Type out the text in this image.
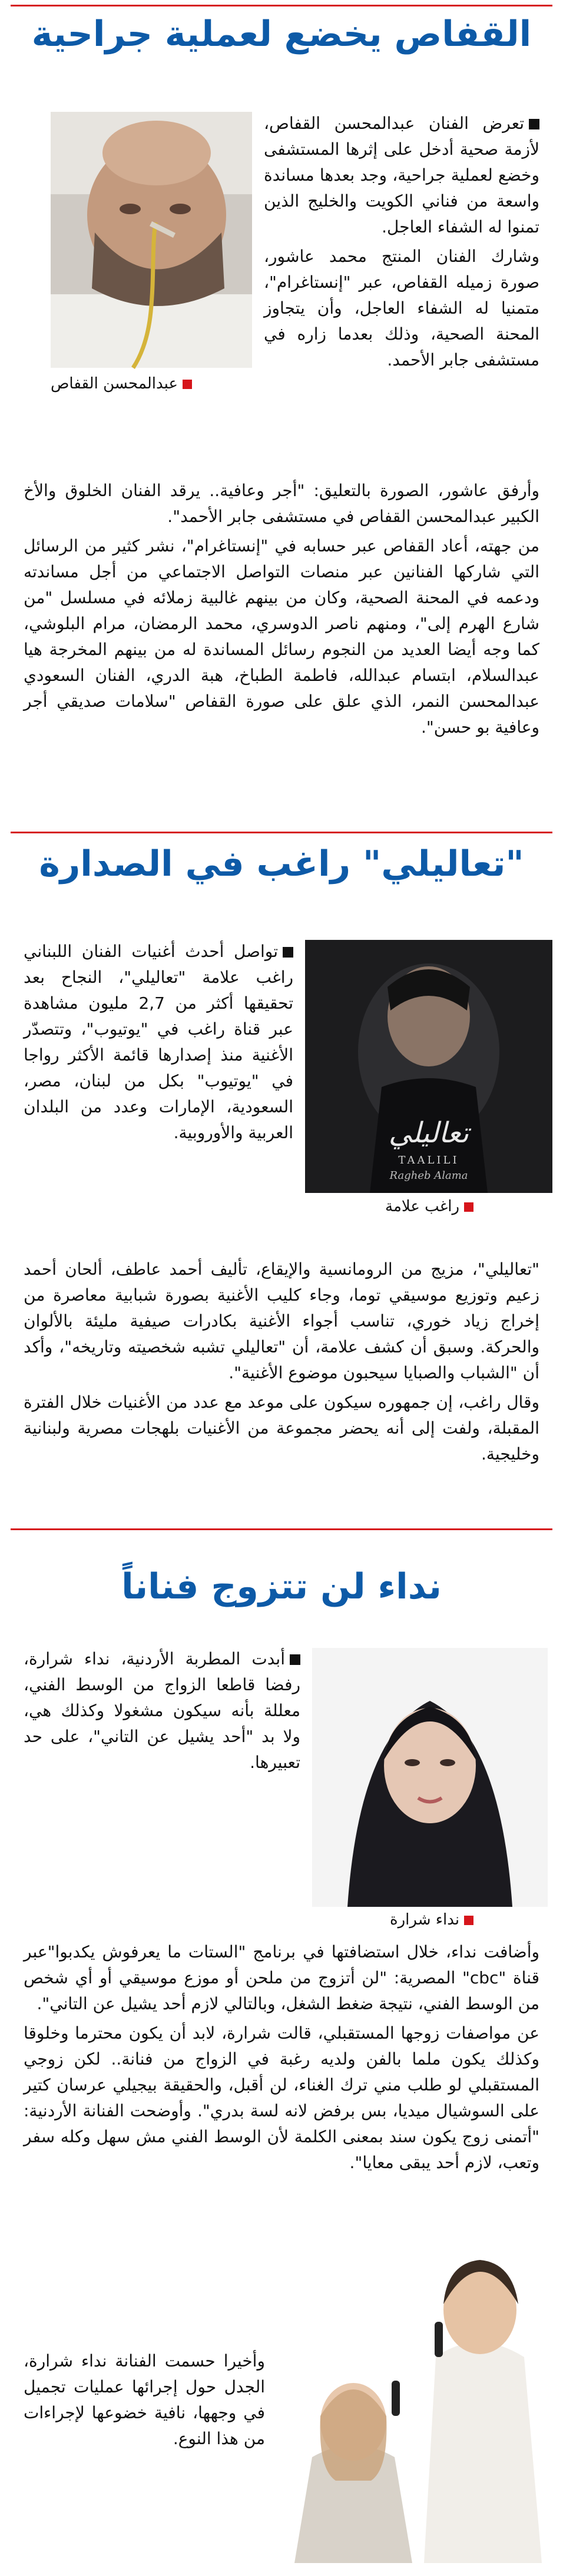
القفاص يخضع لعملية جراحية
عبدالمحسن القفاص

تعرض الفنان عبدالمحسن القفاص، لأزمة صحية أدخل على إثرها المستشفى وخضع لعملية جراحية، وجد بعدها مساندة واسعة من فناني الكويت والخليج الذين تمنوا له الشفاء العاجل.

وشارك الفنان المنتج محمد عاشور، صورة زميله القفاص، عبر "إنستاغرام"، متمنيا له الشفاء العاجل، وأن يتجاوز المحنة الصحية، وذلك بعدما زاره في مستشفى جابر الأحمد.

وأرفق عاشور، الصورة بالتعليق: "أجر وعافية.. يرقد الفنان الخلوق والأخ الكبير عبدالمحسن القفاص في مستشفى جابر الأحمد".

من جهته، أعاد القفاص عبر حسابه في "إنستاغرام"، نشر كثير من الرسائل التي شاركها الفنانين عبر منصات التواصل الاجتماعي من أجل مساندته ودعمه في المحنة الصحية، وكان من بينهم غالبية زملائه في مسلسل "من شارع الهرم إلى"، ومنهم ناصر الدوسري، محمد الرمضان، مرام البلوشي، كما وجه أيضا العديد من النجوم رسائل المساندة له من بينهم المخرجة هيا عبدالسلام، ابتسام عبدالله، فاطمة الطباخ، هبة الدري، الفنان السعودي عبدالمحسن النمر، الذي علق على صورة القفاص "سلامات صديقي أجر وعافية بو حسن".

"تعاليلي" راغب في الصدارة
تعاليلي
TAALILI
Ragheb Alama
راغب علامة

تواصل أحدث أغنيات الفنان اللبناني راغب علامة "تعاليلي"، النجاح بعد تحقيقها أكثر من 2,7 مليون مشاهدة عبر قناة راغب في "يوتيوب"، وتتصدّر الأغنية منذ إصدارها قائمة الأكثر رواجا في "يوتيوب" بكل من لبنان، مصر، السعودية، الإمارات وعدد من البلدان العربية والأوروبية.

"تعاليلي"، مزيج من الرومانسية والإيقاع، تأليف أحمد عاطف، ألحان أحمد زعيم وتوزيع موسيقي توما، وجاء كليب الأغنية بصورة شبابية معاصرة من إخراج زياد خوري، تناسب أجواء الأغنية بكادرات صيفية مليئة بالألوان والحركة. وسبق أن كشف علامة، أن "تعاليلي تشبه شخصيته وتاريخه"، وأكد أن "الشباب والصبايا سيحبون موضوع الأغنية".

وقال راغب، إن جمهوره سيكون على موعد مع عدد من الأغنيات خلال الفترة المقبلة، ولفت إلى أنه يحضر مجموعة من الأغنيات بلهجات مصرية ولبنانية وخليجية.

نداء لن تتزوج فناناً
نداء شرارة

أبدت المطربة الأردنية، نداء شرارة، رفضا قاطعا الزواج من الوسط الفني، معللة بأنه سيكون مشغولا وكذلك هي، ولا بد "أحد يشيل عن التاني"، على حد تعبيرها.

وأضافت نداء، خلال استضافتها في برنامج "الستات ما يعرفوش يكدبوا"عبر قناة "cbc" المصرية: "لن أتزوج من ملحن أو موزع موسيقي أو أي شخص من الوسط الفني، نتيجة ضغط الشغل، وبالتالي لازم أحد يشيل عن التاني".

عن مواصفات زوجها المستقبلي، قالت شرارة، لابد أن يكون محترما وخلوقا وكذلك يكون ملما بالفن ولديه رغبة في الزواج من فنانة.. لكن زوجي المستقبلي لو طلب مني ترك الغناء، لن أقبل، والحقيقة بيجيلي عرسان كتير على السوشيال ميديا، بس برفض لانه لسة بدري". وأوضحت الفنانة الأردنية: "أتمنى زوج يكون سند بمعنى الكلمة لأن الوسط الفني مش سهل وكله سفر وتعب، لازم أحد يبقى معايا".

وأخيرا حسمت الفنانة نداء شرارة، الجدل حول إجرائها عمليات تجميل في وجهها، نافية خضوعها لإجراءات من هذا النوع.
